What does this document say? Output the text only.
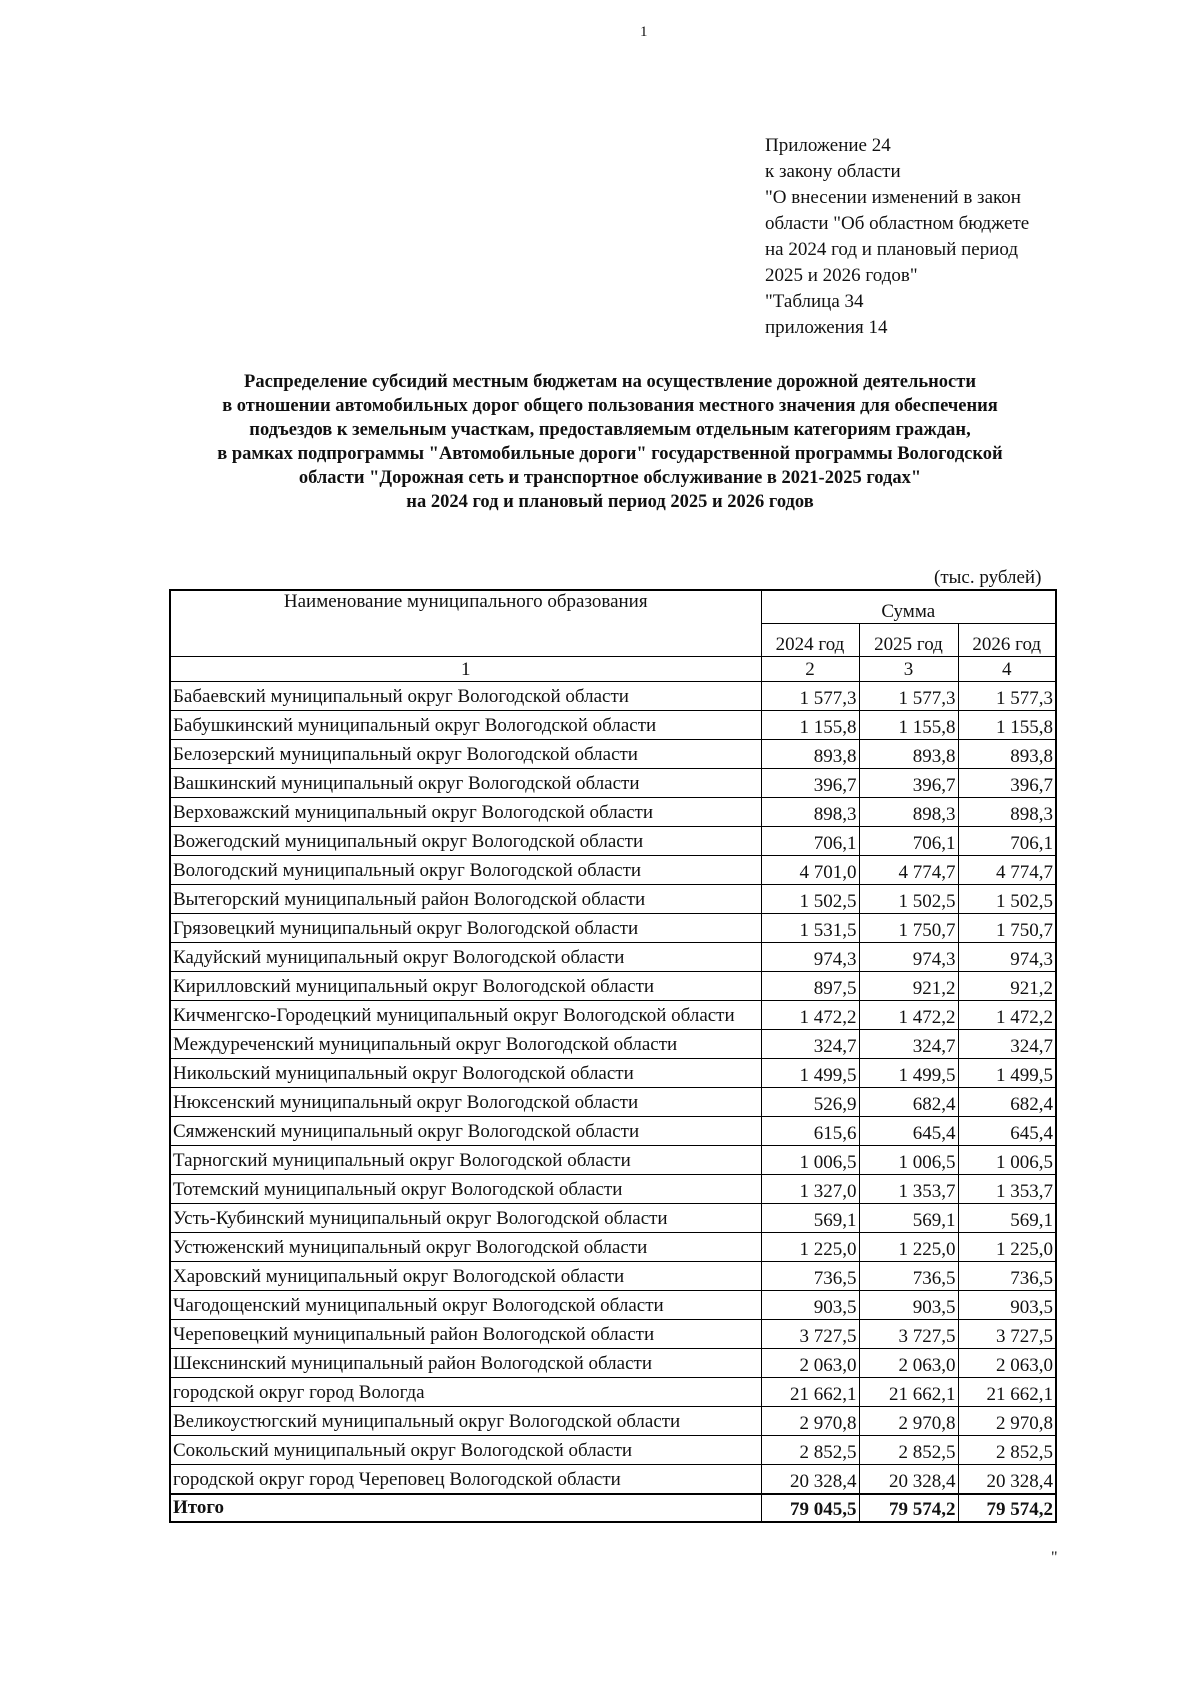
1
Приложение 24
к закону области
"О внесении изменений в закон
области "Об областном бюджете
на 2024 год и плановый период
2025 и 2026 годов"
"Таблица 34
приложения 14
Распределение субсидий местным бюджетам на осуществление дорожной деятельности
в отношении автомобильных дорог общего пользования местного значения для обеспечения
подъездов к земельным участкам, предоставляемым отдельным категориям граждан,
в рамках подпрограммы "Автомобильные дороги" государственной программы Вологодской
области "Дорожная сеть и транспортное обслуживание в 2021-2025 годах"
на 2024 год и плановый период 2025 и 2026 годов
(тыс. рублей)
Наименование муниципального образования	Сумма		
	2024 год	2025 год	2026 год
1	2	3	4
Бабаевский муниципальный округ Вологодской области	1 577,3	1 577,3	1 577,3
Бабушкинский муниципальный округ Вологодской области	1 155,8	1 155,8	1 155,8
Белозерский муниципальный округ Вологодской области	893,8	893,8	893,8
Вашкинский муниципальный округ Вологодской области	396,7	396,7	396,7
Верховажский муниципальный округ Вологодской области	898,3	898,3	898,3
Вожегодский муниципальный округ Вологодской области	706,1	706,1	706,1
Вологодский муниципальный округ Вологодской области	4 701,0	4 774,7	4 774,7
Вытегорский муниципальный район Вологодской области	1 502,5	1 502,5	1 502,5
Грязовецкий муниципальный округ Вологодской области	1 531,5	1 750,7	1 750,7
Кадуйский муниципальный округ Вологодской области	974,3	974,3	974,3
Кирилловский муниципальный округ Вологодской области	897,5	921,2	921,2
Кичменгско-Городецкий муниципальный округ Вологодской области	1 472,2	1 472,2	1 472,2
Междуреченский муниципальный округ Вологодской области	324,7	324,7	324,7
Никольский муниципальный округ Вологодской области	1 499,5	1 499,5	1 499,5
Нюксенский муниципальный округ Вологодской области	526,9	682,4	682,4
Сямженский муниципальный округ Вологодской области	615,6	645,4	645,4
Тарногский муниципальный округ Вологодской области	1 006,5	1 006,5	1 006,5
Тотемский муниципальный округ Вологодской области	1 327,0	1 353,7	1 353,7
Усть-Кубинский муниципальный округ Вологодской области	569,1	569,1	569,1
Устюженский муниципальный округ Вологодской области	1 225,0	1 225,0	1 225,0
Харовский муниципальный округ Вологодской области	736,5	736,5	736,5
Чагодощенский муниципальный округ Вологодской области	903,5	903,5	903,5
Череповецкий муниципальный район Вологодской области	3 727,5	3 727,5	3 727,5
Шекснинский муниципальный район Вологодской области	2 063,0	2 063,0	2 063,0
городской округ город Вологда	21 662,1	21 662,1	21 662,1
Великоустюгский муниципальный округ Вологодской области	2 970,8	2 970,8	2 970,8
Сокольский муниципальный округ Вологодской области	2 852,5	2 852,5	2 852,5
городской округ город Череповец Вологодской области	20 328,4	20 328,4	20 328,4
Итого	79 045,5	79 574,2	79 574,2
"
